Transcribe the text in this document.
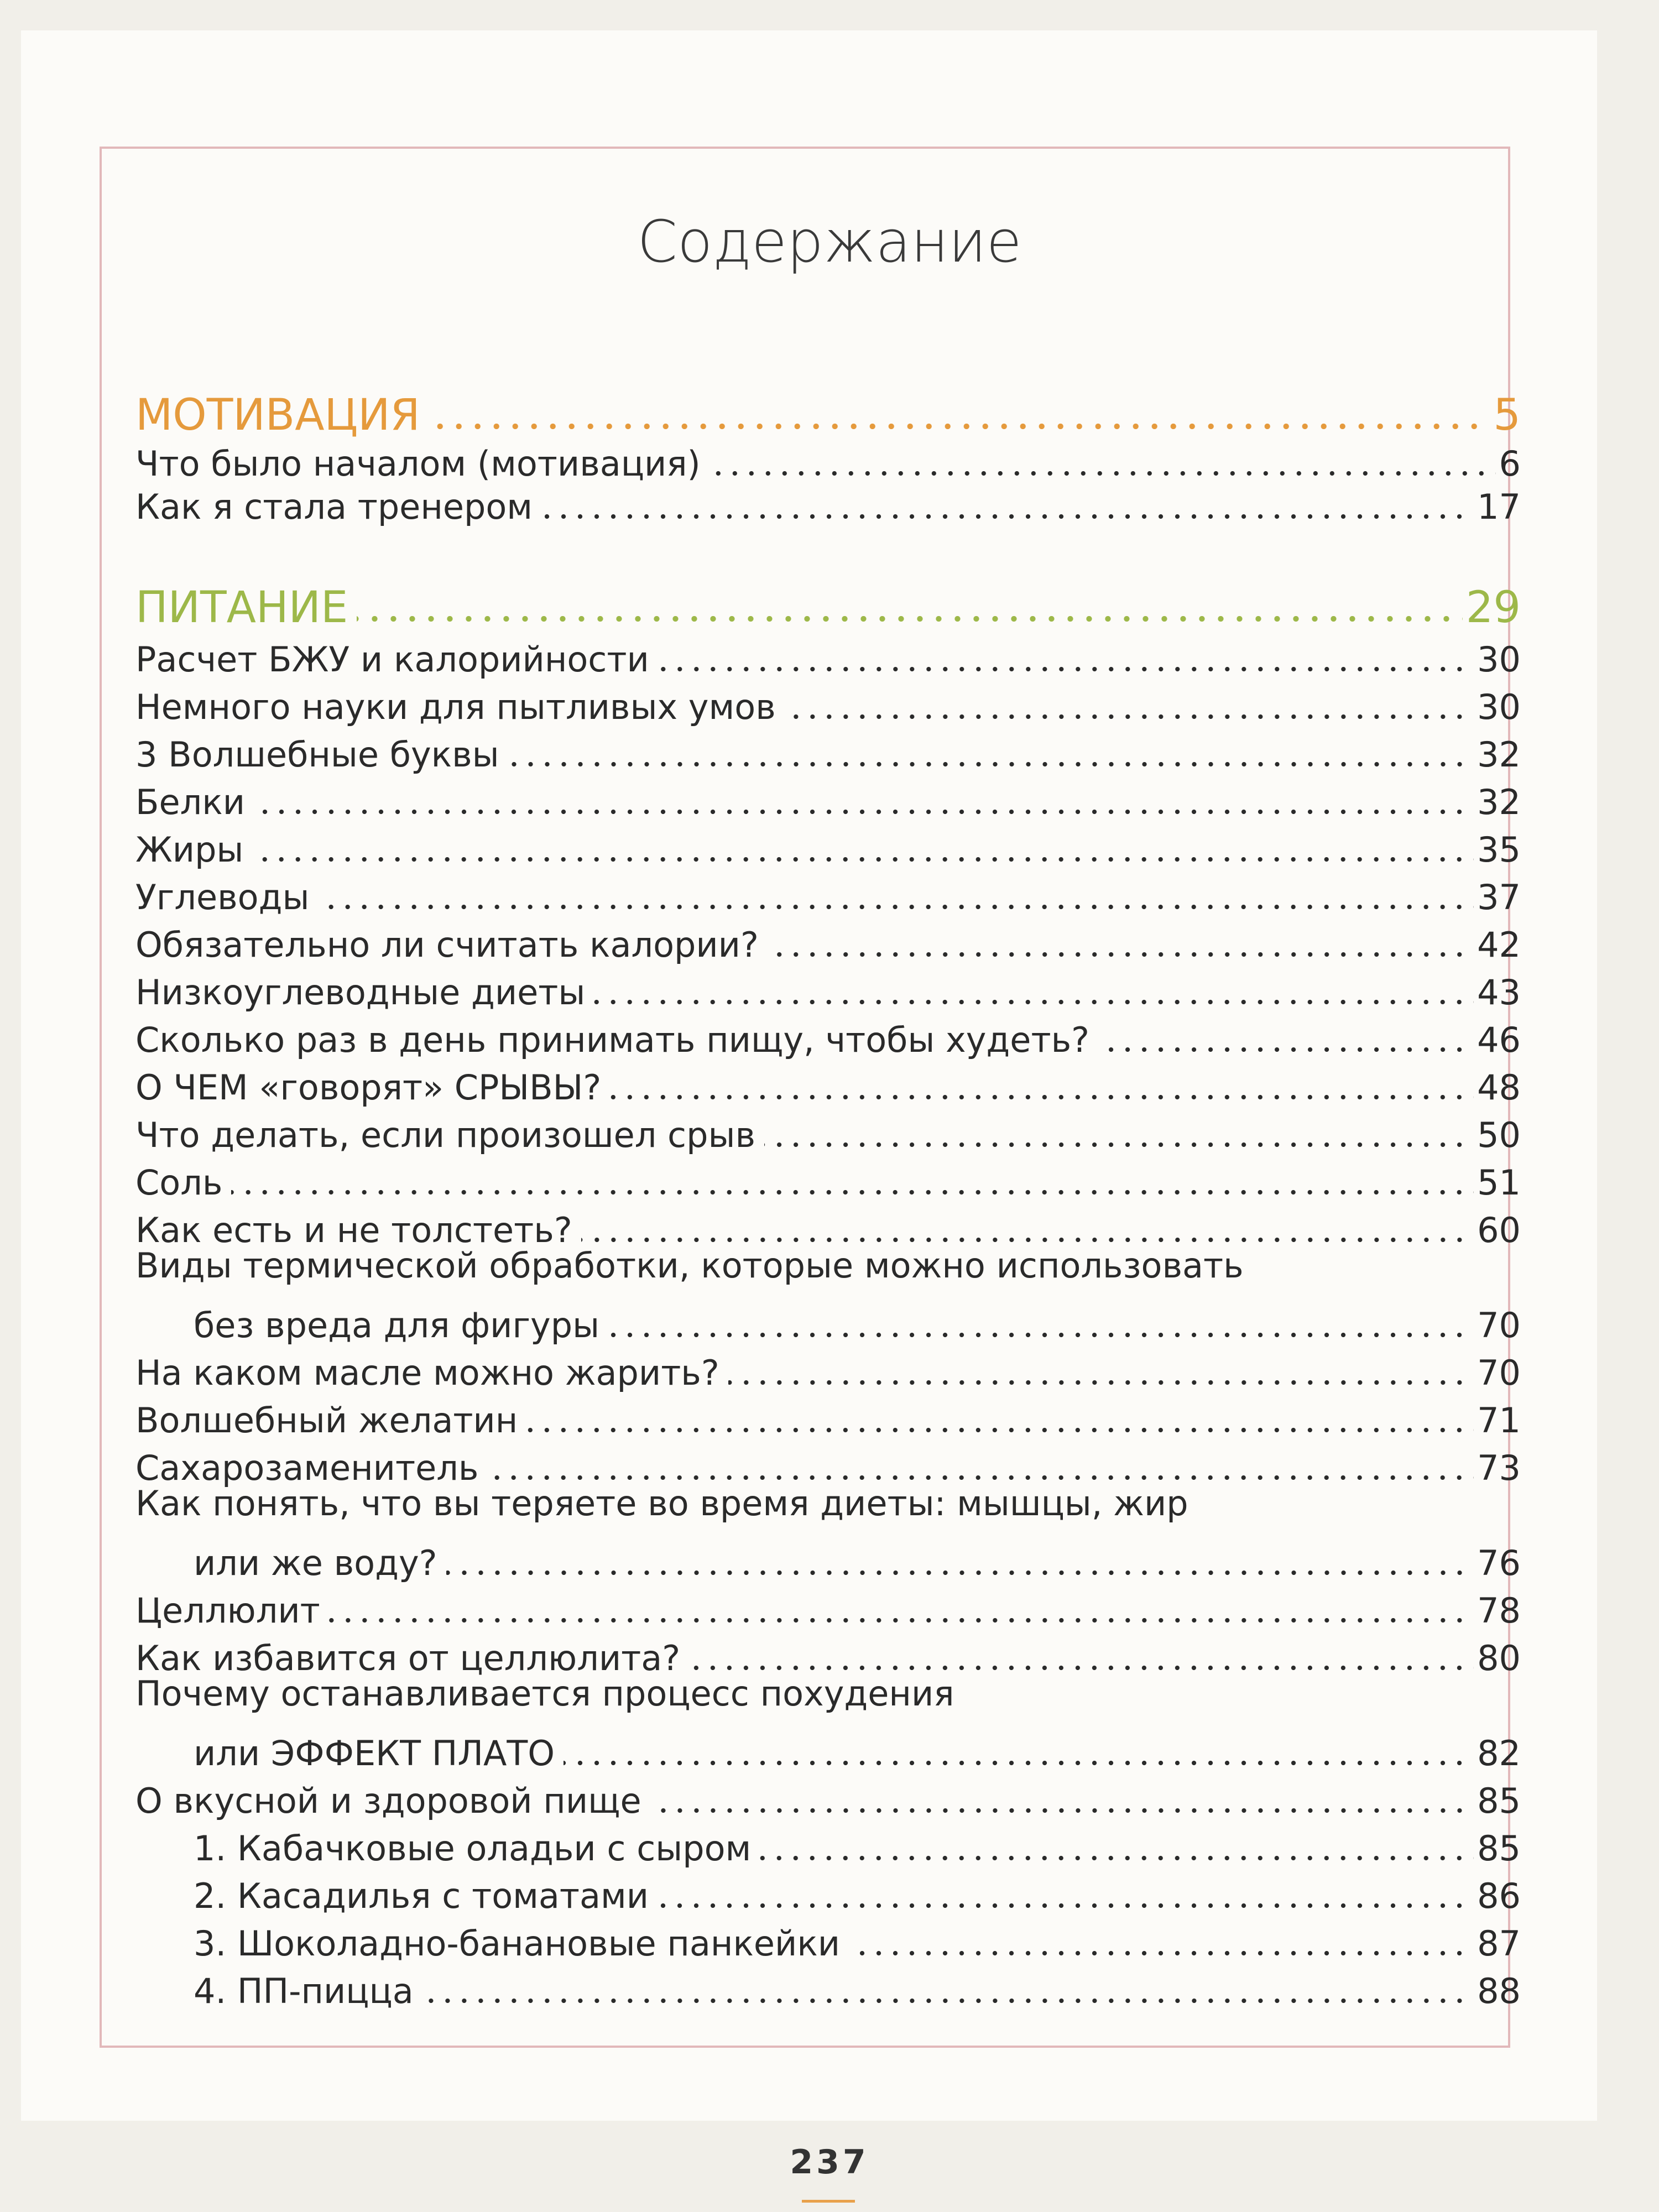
Содержание
МОТИВАЦИЯ	5
Что было началом (мотивация)	6
Как я стала тренером	17
ПИТАНИЕ	29
Расчет БЖУ и калорийности	30
Немного науки для пытливых умов	30
3 Волшебные буквы	32
Белки	32
Жиры	35
Углеводы	37
Обязательно ли считать калории?	42
Низкоуглеводные диеты	43
Сколько раз в день принимать пищу, чтобы худеть?	46
О ЧЕМ «говорят» СРЫВЫ?	48
Что делать, если произошел срыв	50
Соль	51
Как есть и не толстеть?	60
Виды термической обработки, которые можно использовать
без вреда для фигуры	70
На каком масле можно жарить?	70
Волшебный желатин	71
Сахарозаменитель	73
Как понять, что вы теряете во время диеты: мышцы, жир
или же воду?	76
Целлюлит	78
Как избавится от целлюлита?	80
Почему останавливается процесс похудения
или ЭФФЕКТ ПЛАТО	82
О вкусной и здоровой пище	85
1. Кабачковые оладьи с сыром	85
2. Касадилья с томатами	86
3. Шоколадно-банановые панкейки	87
4. ПП-пицца	88
237
